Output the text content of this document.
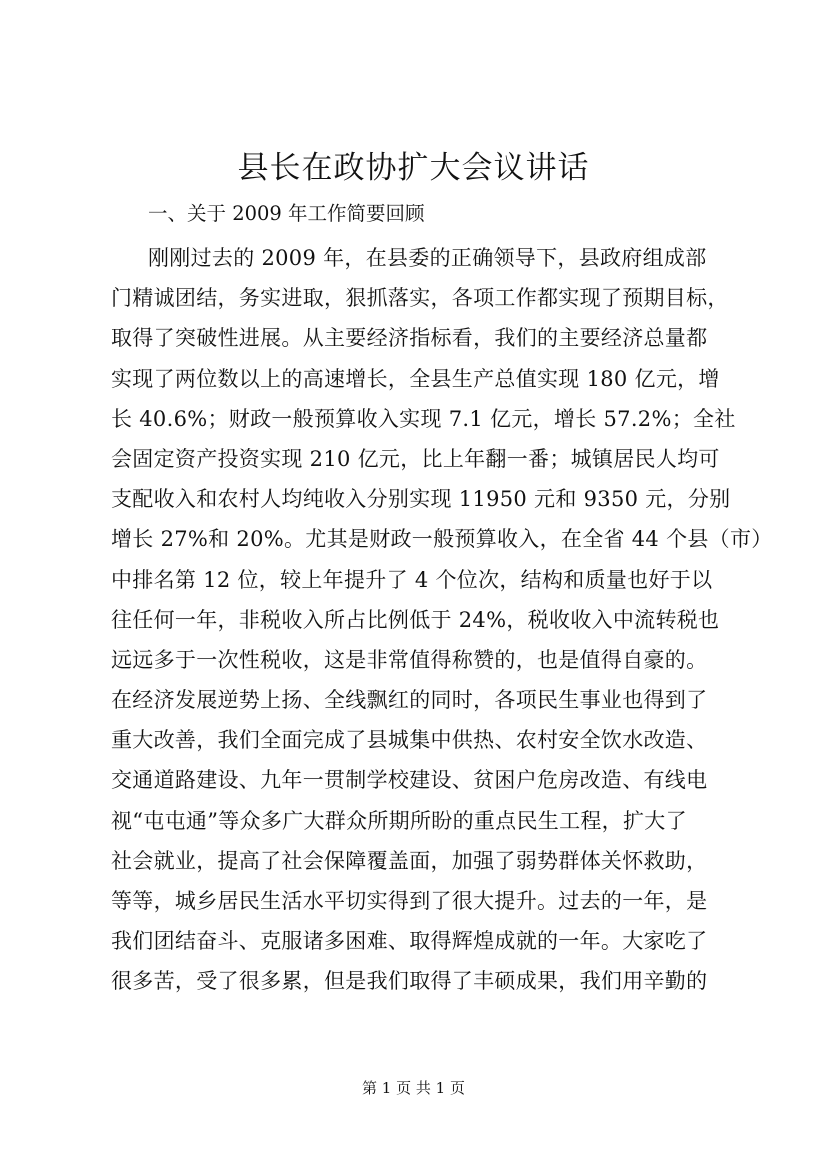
县长在政协扩大会议讲话

一、关于 2009 年工作简要回顾

刚刚过去的 2009 年，在县委的正确领导下，县政府组成部
门精诚团结，务实进取，狠抓落实，各项工作都实现了预期目标，
取得了突破性进展。从主要经济指标看，我们的主要经济总量都
实现了两位数以上的高速增长，全县生产总值实现 180 亿元，增
长 40.6%；财政一般预算收入实现 7.1 亿元，增长 57.2%；全社
会固定资产投资实现 210 亿元，比上年翻一番；城镇居民人均可
支配收入和农村人均纯收入分别实现 11950 元和 9350 元，分别
增长 27%和 20%。尤其是财政一般预算收入，在全省 44 个县（市）
中排名第 12 位，较上年提升了 4 个位次，结构和质量也好于以
往任何一年，非税收入所占比例低于 24%，税收收入中流转税也
远远多于一次性税收，这是非常值得称赞的，也是值得自豪的。
在经济发展逆势上扬、全线飘红的同时，各项民生事业也得到了
重大改善，我们全面完成了县城集中供热、农村安全饮水改造、
交通道路建设、九年一贯制学校建设、贫困户危房改造、有线电
视“屯屯通”等众多广大群众所期所盼的重点民生工程，扩大了
社会就业，提高了社会保障覆盖面，加强了弱势群体关怀救助，
等等，城乡居民生活水平切实得到了很大提升。过去的一年，是
我们团结奋斗、克服诸多困难、取得辉煌成就的一年。大家吃了
很多苦，受了很多累，但是我们取得了丰硕成果，我们用辛勤的
第 1 页 共 1 页
